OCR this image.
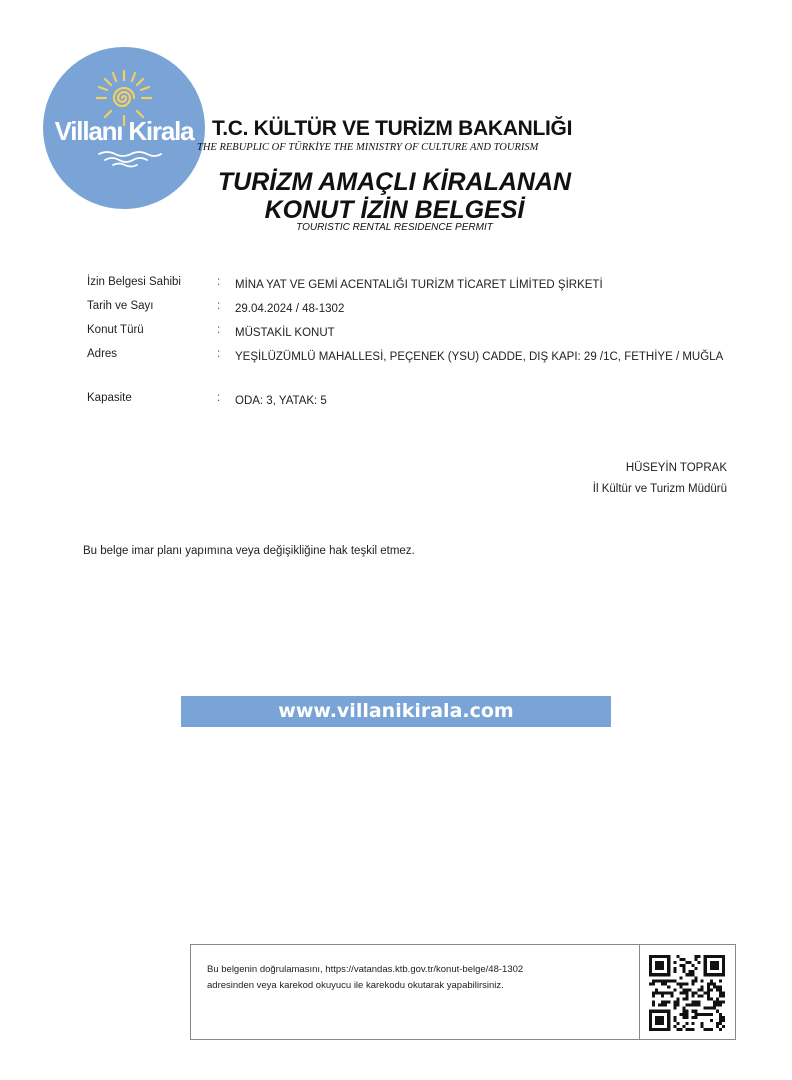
Villanı Kirala T.C. KÜLTÜR VE TURİZM BAKANLIĞI
THE REBUPLIC OF TÜRKİYE THE MINISTRY OF CULTURE AND TOURISM
TURİZM AMAÇLI KİRALANAN
KONUT İZİN BELGESİ
TOURISTIC RENTAL RESIDENCE PERMIT
İzin Belgesi Sahibi	: MİNA YAT VE GEMİ ACENTALIĞI TURİZM TİCARET LİMİTED ŞİRKETİ
Tarih ve Sayı	: 29.04.2024 / 48-1302
Konut Türü	: MÜSTAKİL KONUT
Adres	: YEŞİLÜZÜMLÜ MAHALLESİ, PEÇENEK (YSU) CADDE, DIŞ KAPI: 29 /1C, FETHİYE / MUĞLA
Kapasite	: ODA: 3, YATAK: 5
HÜSEYİN TOPRAK
İl Kültür ve Turizm Müdürü
Bu belge imar planı yapımına veya değişikliğine hak teşkil etmez.
www.villanikirala.com
Bu belgenin doğrulamasını, https://vatandas.ktb.gov.tr/konut-belge/48-1302
adresinden veya karekod okuyucu ile karekodu okutarak yapabilirsiniz.
